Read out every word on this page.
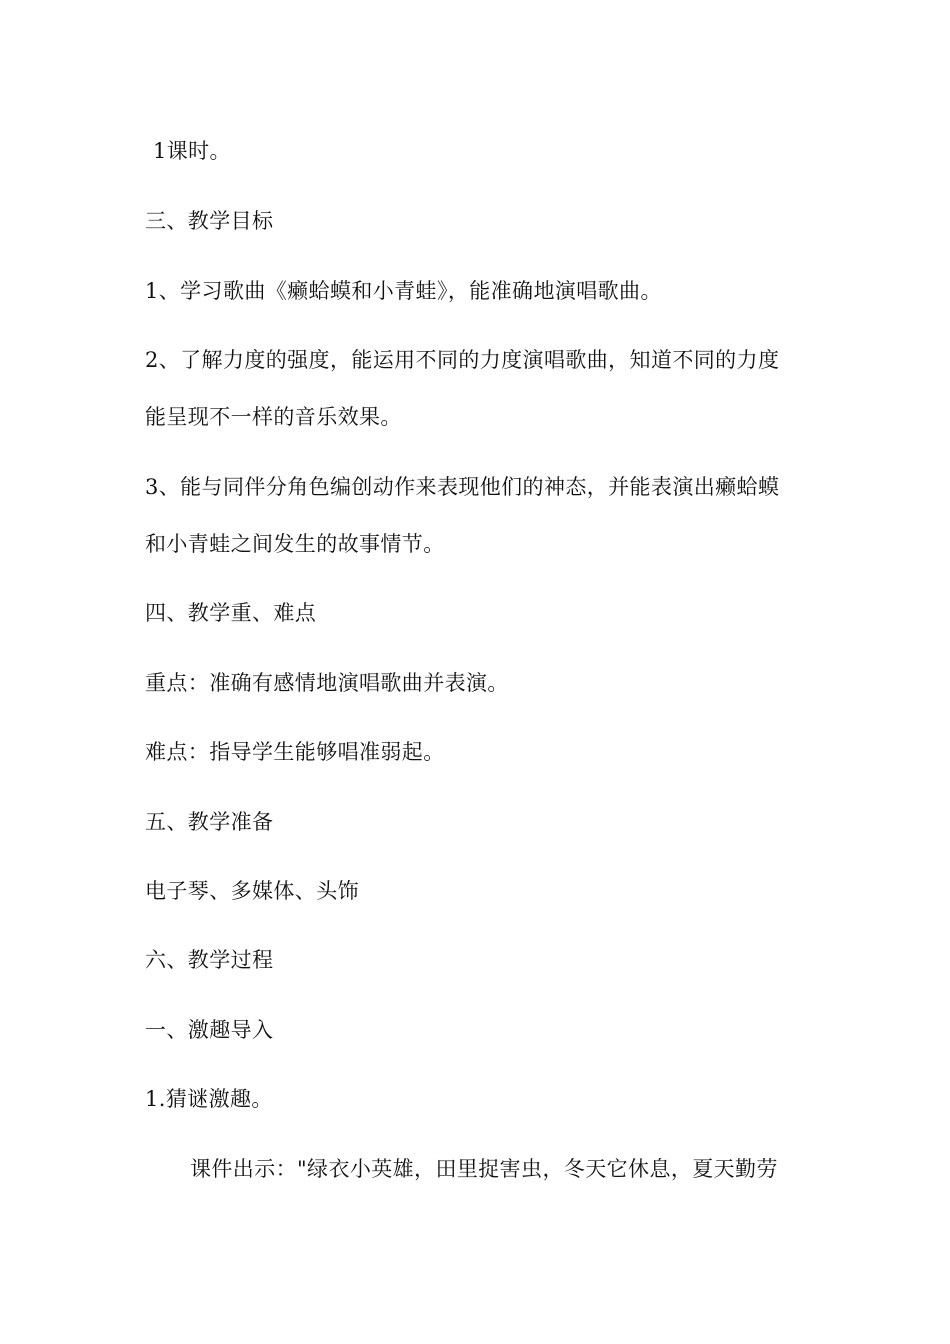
1课时。
三、教学目标
1、学习歌曲《癞蛤蟆和小青蛙》，能准确地演唱歌曲。
2、了解力度的强度，能运用不同的力度演唱歌曲，知道不同的力度
能呈现不一样的音乐效果。
3、能与同伴分角色编创动作来表现他们的神态，并能表演出癞蛤蟆
和小青蛙之间发生的故事情节。
四、教学重、难点
重点：准确有感情地演唱歌曲并表演。
难点：指导学生能够唱准弱起。
五、教学准备
电子琴、多媒体、头饰
六、教学过程
一、激趣导入
1.猜谜激趣。
课件出示："绿衣小英雄，田里捉害虫，冬天它休息，夏天勤劳
